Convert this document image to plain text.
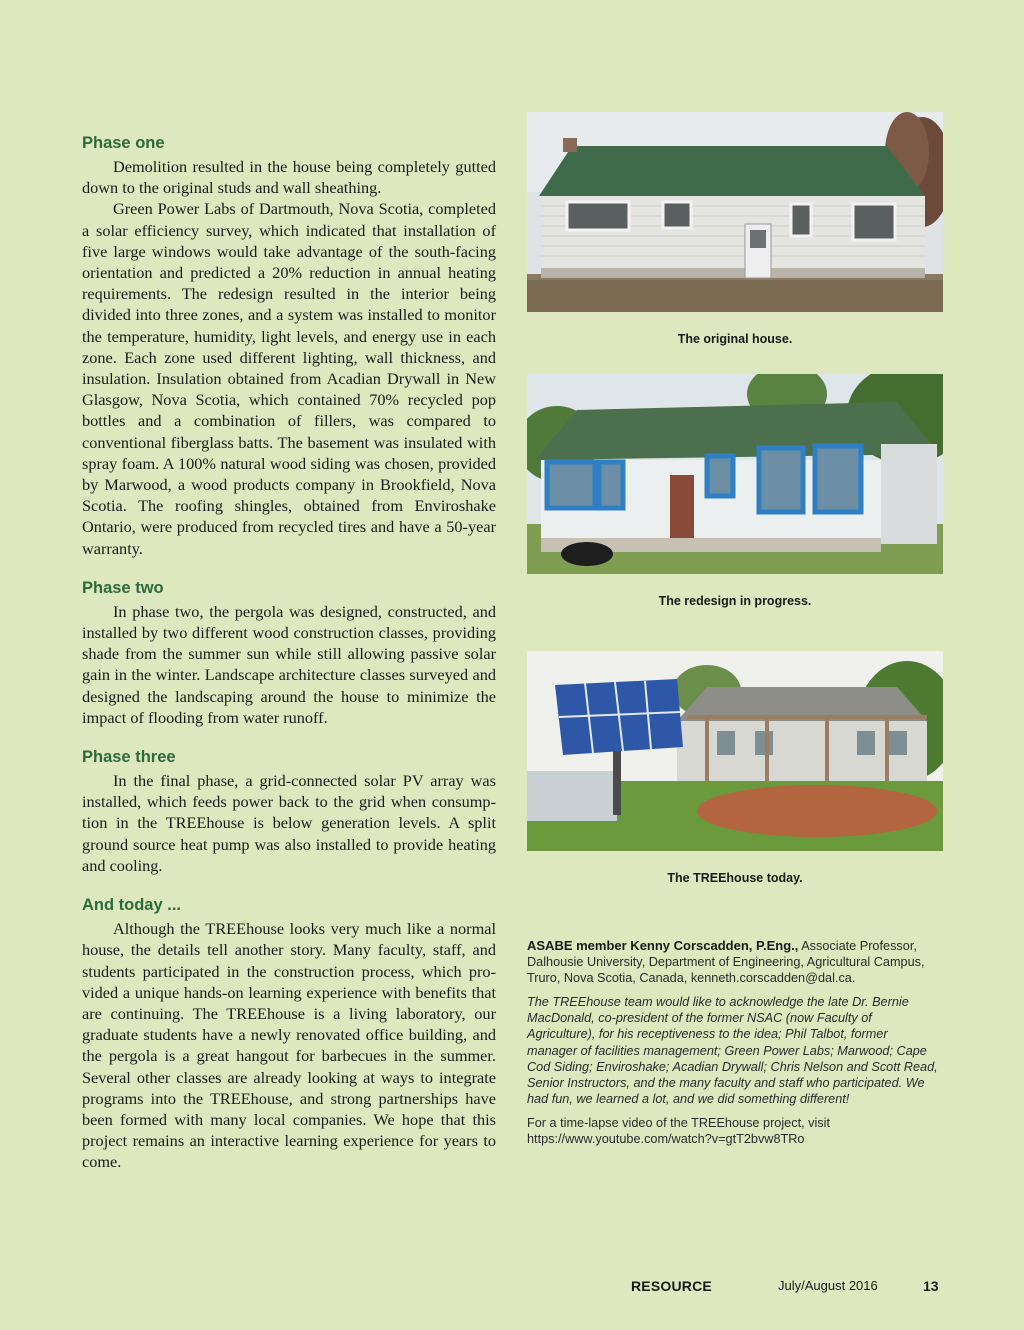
Phase one

Demolition resulted in the house being completely gutted down to the original studs and wall sheathing.

Green Power Labs of Dartmouth, Nova Scotia, completed a solar efficiency survey, which indicated that installation of five large windows would take advantage of the south-facing orientation and predicted a 20% reduction in annual heating requirements. The redesign resulted in the interior being divided into three zones, and a system was installed to monitor the temperature, humidity, light levels, and energy use in each zone. Each zone used different lighting, wall thickness, and insulation. Insulation obtained from Acadian Drywall in New Glasgow, Nova Scotia, which contained 70% recycled pop bottles and a combination of fillers, was compared to conventional fiberglass batts. The basement was insulated with spray foam. A 100% natural wood siding was chosen, provided by Marwood, a wood products company in Brookfield, Nova Scotia. The roofing shingles, obtained from Enviroshake Ontario, were produced from recycled tires and have a 50-year warranty.

Phase two

In phase two, the pergola was designed, constructed, and installed by two different wood construction classes, providing shade from the summer sun while still allowing passive solar gain in the winter. Landscape architecture classes surveyed and designed the landscaping around the house to minimize the impact of flooding from water runoff.

Phase three

In the final phase, a grid-connected solar PV array was installed, which feeds power back to the grid when consumption in the TREEhouse is below generation levels. A split ground source heat pump was also installed to provide heating and cooling.

And today ...

Although the TREEhouse looks very much like a normal house, the details tell another story. Many faculty, staff, and students participated in the construction process, which provided a unique hands-on learning experience with benefits that are continuing. The TREEhouse is a living laboratory, our graduate students have a newly renovated office building, and the pergola is a great hangout for barbecues in the summer. Several other classes are already looking at ways to integrate programs into the TREEhouse, and strong partnerships have been formed with many local companies. We hope that this project remains an interactive learning experience for years to come.

The original house.
The redesign in progress.
The TREEhouse today.

ASABE member Kenny Corscadden, P.Eng., Associate Professor, Dalhousie University, Department of Engineering, Agricultural Campus, Truro, Nova Scotia, Canada, kenneth.corscadden@dal.ca.

The TREEhouse team would like to acknowledge the late Dr. Bernie MacDonald, co-president of the former NSAC (now Faculty of Agriculture), for his receptiveness to the idea; Phil Talbot, former manager of facilities management; Green Power Labs; Marwood; Cape Cod Siding; Enviroshake; Acadian Drywall; Chris Nelson and Scott Read, Senior Instructors, and the many faculty and staff who participated. We had fun, we learned a lot, and we did something different!

For a time-lapse video of the TREEhouse project, visit https://www.youtube.com/watch?v=gtT2bvw8TRo

RESOURCE	July/August 2016	13
